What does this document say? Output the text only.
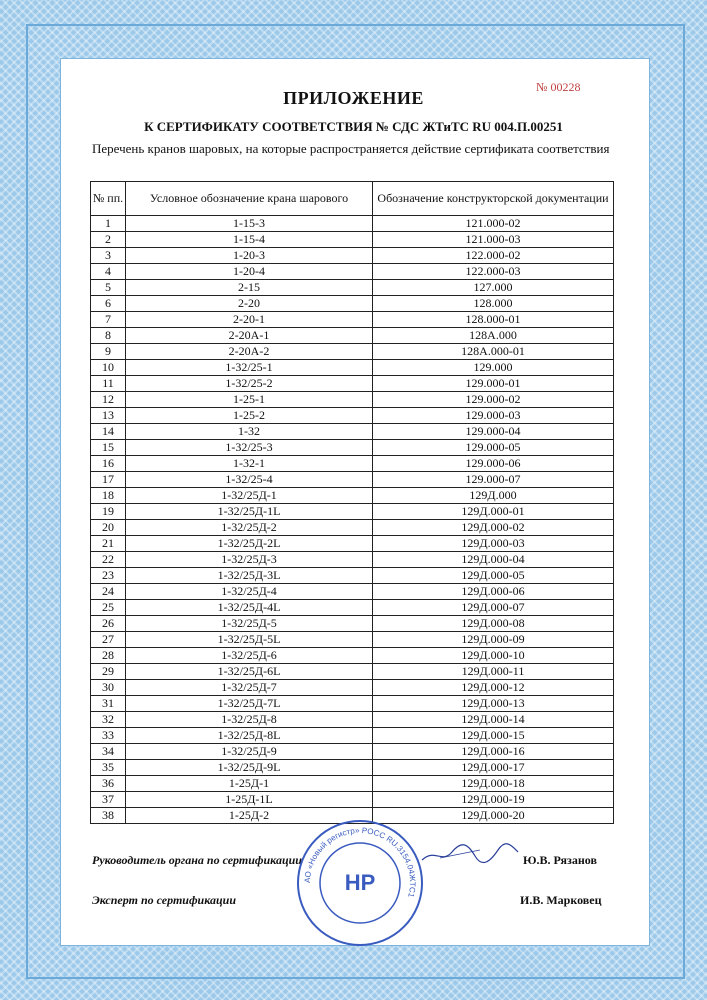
№ 00228
ПРИЛОЖЕНИЕ
К СЕРТИФИКАТУ СООТВЕТСТВИЯ № СДС ЖТиТС RU 004.П.00251
Перечень кранов шаровых, на которые распространяется действие сертификата соответствия
№ пп.	Условное обозначение крана шарового	Обозначение конструкторской документации
1	1-15-3	121.000-02
2	1-15-4	121.000-03
3	1-20-3	122.000-02
4	1-20-4	122.000-03
5	2-15	127.000
6	2-20	128.000
7	2-20-1	128.000-01
8	2-20А-1	128А.000
9	2-20А-2	128А.000-01
10	1-32/25-1	129.000
11	1-32/25-2	129.000-01
12	1-25-1	129.000-02
13	1-25-2	129.000-03
14	1-32	129.000-04
15	1-32/25-3	129.000-05
16	1-32-1	129.000-06
17	1-32/25-4	129.000-07
18	1-32/25Д-1	129Д.000
19	1-32/25Д-1L	129Д.000-01
20	1-32/25Д-2	129Д.000-02
21	1-32/25Д-2L	129Д.000-03
22	1-32/25Д-3	129Д.000-04
23	1-32/25Д-3L	129Д.000-05
24	1-32/25Д-4	129Д.000-06
25	1-32/25Д-4L	129Д.000-07
26	1-32/25Д-5	129Д.000-08
27	1-32/25Д-5L	129Д.000-09
28	1-32/25Д-6	129Д.000-10
29	1-32/25Д-6L	129Д.000-11
30	1-32/25Д-7	129Д.000-12
31	1-32/25Д-7L	129Д.000-13
32	1-32/25Д-8	129Д.000-14
33	1-32/25Д-8L	129Д.000-15
34	1-32/25Д-9	129Д.000-16
35	1-32/25Д-9L	129Д.000-17
36	1-25Д-1	129Д.000-18
37	1-25Д-1L	129Д.000-19
38	1-25Д-2	129Д.000-20
Руководитель органа по сертификации	Ю.В. Рязанов
Эксперт по сертификации	И.В. Марковец
АО «Новый регистр» РОСС RU.3154.04ЖТС1
НР
